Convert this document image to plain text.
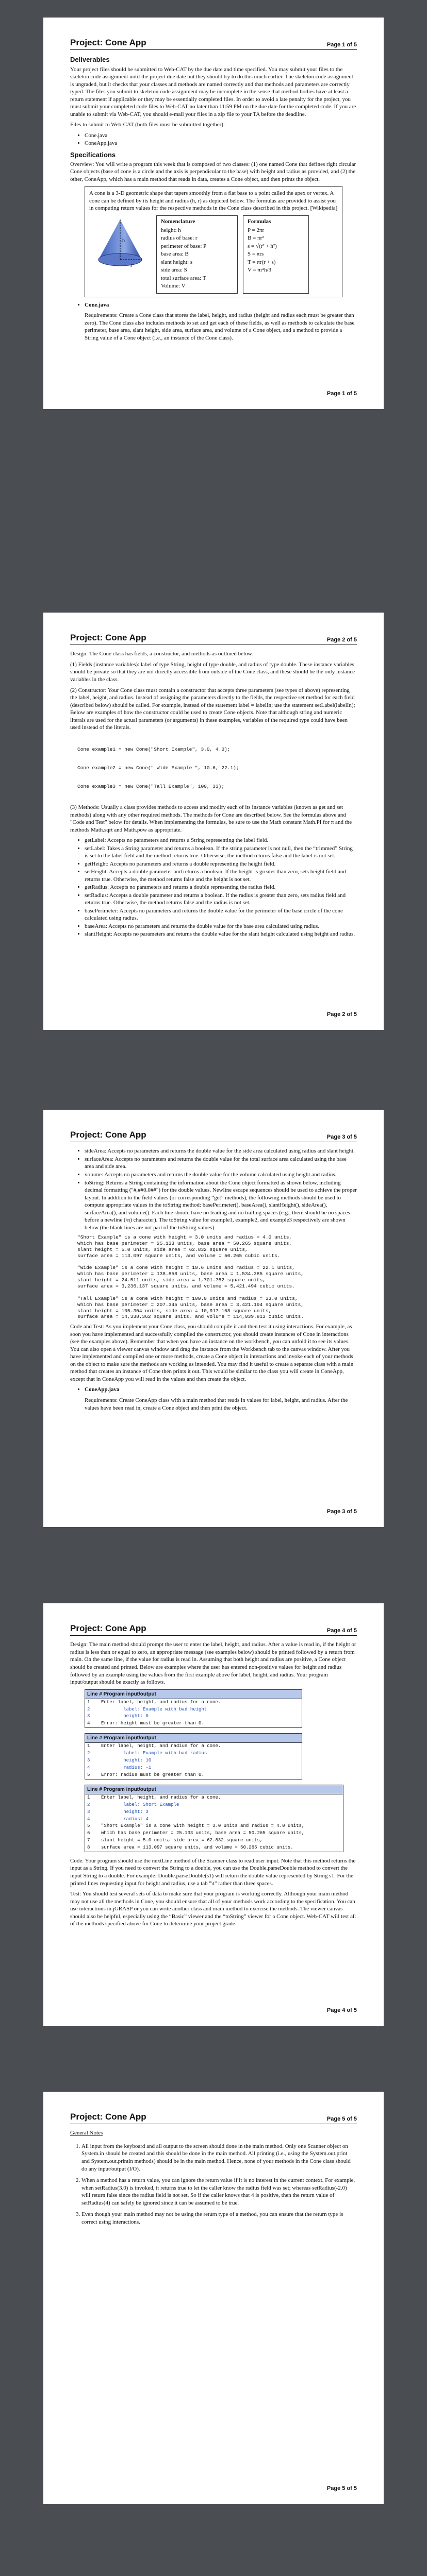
Project: Cone App	Page 1 of 5
Deliverables

Your project files should be submitted to Web-CAT by the due date and time specified. You may submit your files to the skeleton code assignment until the project due date but they should try to do this much earlier. The skeleton code assignment is ungraded, but it checks that your classes and methods are named correctly and that methods and parameters are correctly typed. The files you submit to skeleton code assignment may be incomplete in the sense that method bodies have at least a return statement if applicable or they may be essentially completed files. In order to avoid a late penalty for the project, you must submit your completed code files to Web-CAT no later than 11:59 PM on the due date for the completed code. If you are unable to submit via Web-CAT, you should e-mail your files in a zip file to your TA before the deadline.

Files to submit to Web-CAT (both files must be submitted together):

• Cone.java
• ConeApp.java
Specifications

Overview: You will write a program this week that is composed of two classes: (1) one named Cone that defines right circular Cone objects (base of cone is a circle and the axis is perpendicular to the base) with height and radius as provided, and (2) the other, ConeApp, which has a main method that reads in data, creates a Cone object, and then prints the object.

A cone is a 3-D geometric shape that tapers smoothly from a flat base to a point called the apex or vertex. A cone can be defined by its height and radius (h, r) as depicted below. The formulas are provided to assist you in computing return values for the respective methods in the Cone class described in this project. [Wikipedia]
h
r
Nomenclature
height: h
radius of base: r
perimeter of base: P
base area: B
slant height: s
side area: S
total surface area: T
Volume: V
Formulas
P = 2πr
B = πr²
s = √(r² + h²)
S = πrs
T = πr(r + s)
V = πr²h/3
• Cone.java

Requirements: Create a Cone class that stores the label, height, and radius (height and radius each must be greater than zero). The Cone class also includes methods to set and get each of these fields, as well as methods to calculate the base perimeter, base area, slant height, side area, surface area, and volume of a Cone object, and a method to provide a String value of a Cone object (i.e., an instance of the Cone class).

Page 1 of 5
Project: Cone App	Page 2 of 5

Design: The Cone class has fields, a constructor, and methods as outlined below.

(1) Fields (instance variables): label of type String, height of type double, and radius of type double. These instance variables should be private so that they are not directly accessible from outside of the Cone class, and these should be the only instance variables in the class.

(2) Constructor: Your Cone class must contain a constructor that accepts three parameters (see types of above) representing the label, height, and radius. Instead of assigning the parameters directly to the fields, the respective set method for each field (described below) should be called. For example, instead of the statement label = labelIn; use the statement setLabel(labelIn); Below are examples of how the constructor could be used to create Cone objects. Note that although string and numeric literals are used for the actual parameters (or arguments) in these examples, variables of the required type could have been used instead of the literals.

Cone example1 = new Cone("Short Example", 3.0, 4.0);

Cone example2 = new Cone(" Wide Example ", 10.6, 22.1);

Cone example3 = new Cone("Tall Example", 100, 33);

(3) Methods: Usually a class provides methods to access and modify each of its instance variables (known as get and set methods) along with any other required methods. The methods for Cone are described below. See the formulas above and "Code and Test" below for details. When implementing the formulas, be sure to use the Math constant Math.PI for π and the methods Math.sqrt and Math.pow as appropriate.

• getLabel: Accepts no parameters and returns a String representing the label field.
• setLabel: Takes a String parameter and returns a boolean. If the string parameter is not null, then the “trimmed” String is set to the label field and the method returns true. Otherwise, the method returns false and the label is not set.
• getHeight: Accepts no parameters and returns a double representing the height field.
• setHeight: Accepts a double parameter and returns a boolean. If the height is greater than zero, sets height field and returns true. Otherwise, the method returns false and the height is not set.
• getRadius: Accepts no parameters and returns a double representing the radius field.
• setRadius: Accepts a double parameter and returns a boolean. If the radius is greater than zero, sets radius field and returns true. Otherwise, the method returns false and the radius is not set.
• basePerimeter: Accepts no parameters and returns the double value for the perimeter of the base circle of the cone calculated using radius.
• baseArea: Accepts no parameters and returns the double value for the base area calculated using radius.
• slantHeight: Accepts no parameters and returns the double value for the slant height calculated using height and radius.
Page 2 of 5
Project: Cone App	Page 3 of 5
• sideArea: Accepts no parameters and returns the double value for the side area calculated using radius and slant height.
• surfaceArea: Accepts no parameters and returns the double value for the total surface area calculated using the base area and side area.
• volume: Accepts no parameters and returns the double value for the volume calculated using height and radius.
• toString: Returns a String containing the information about the Cone object formatted as shown below, including decimal formatting ("#,##0.0##") for the double values. Newline escape sequences should be used to achieve the proper layout. In addition to the field values (or corresponding “get” methods), the following methods should be used to compute appropriate values in the toString method: basePerimeter(), baseArea(), slantHeight(), sideArea(), surfaceArea(), and volume(). Each line should have no leading and no trailing spaces (e.g., there should be no spaces before a newline (\n) character). The toString value for example1, example2, and example3 respectively are shown below (the blank lines are not part of the toString values).
"Short Example" is a cone with height = 3.0 units and radius = 4.0 units,
which has base perimeter = 25.133 units, base area = 50.265 square units,
slant height = 5.0 units, side area = 62.832 square units,
surface area = 113.097 square units, and volume = 50.265 cubic units.

"Wide Example" is a cone with height = 10.6 units and radius = 22.1 units,
which has base perimeter = 138.858 units, base area = 1,534.385 square units,
slant height = 24.511 units, side area = 1,701.752 square units,
surface area = 3,236.137 square units, and volume = 5,421.494 cubic units.

"Tall Example" is a cone with height = 100.0 units and radius = 33.0 units,
which has base perimeter = 207.345 units, base area = 3,421.194 square units,
slant height = 105.304 units, side area = 10,917.168 square units,
surface area = 14,338.362 square units, and volume = 114,039.813 cubic units.

Code and Test: As you implement your Cone class, you should compile it and then test it using interactions. For example, as soon you have implemented and successfully compiled the constructor, you should create instances of Cone in interactions (see the examples above). Remember that when you have an instance on the workbench, you can unfold it to see its values. You can also open a viewer canvas window and drag the instance from the Workbench tab to the canvas window. After you have implemented and compiled one or more methods, create a Cone object in interactions and invoke each of your methods on the object to make sure the methods are working as intended. You may find it useful to create a separate class with a main method that creates an instance of Cone then prints it out. This would be similar to the class you will create in ConeApp, except that in ConeApp you will read in the values and then create the object.

• ConeApp.java

Requirements: Create ConeApp class with a main method that reads in values for label, height, and radius. After the values have been read in, create a Cone object and then print the object.

Page 3 of 5
Project: Cone App	Page 4 of 5

Design: The main method should prompt the user to enter the label, height, and radius. After a value is read in, if the height or radius is less than or equal to zero, an appropriate message (see examples below) should be printed followed by a return from main. On the same line, if the value for radius is read in. Assuming that both height and radius are positive, a Cone object should be created and printed. Below are examples where the user has entered non-positive values for height and radius followed by an example using the values from the first example above for label, height, and radius. Your program input/output should be exactly as follows.

Line # Program input/output
1 Enter label, height, and radius for a cone.
2            label: Example with bad height
3            height: 0
4 Error: height must be greater than 0.
Line # Program input/output
1 Enter label, height, and radius for a cone.
2            label: Example with bad radius
3            height: 10
4            radius: -1
5 Error: radius must be greater than 0.
Line # Program input/output
1 Enter label, height, and radius for a cone.
2            label: Short Example
3            height: 3
4            radius: 4
5 "Short Example" is a cone with height = 3.0 units and radius = 4.0 units,
6 which has base perimeter = 25.133 units, base area = 50.265 square units,
7 slant height = 5.0 units, side area = 62.832 square units,
8 surface area = 113.097 square units, and volume = 50.265 cubic units.

Code: Your program should use the nextLine method of the Scanner class to read user input. Note that this method returns the input as a String. If you need to convert the String to a double, you can use the Double.parseDouble method to convert the input String to a double. For example: Double.parseDouble(s1) will return the double value represented by String s1. For the printed lines requesting input for height and radius, use a tab "\t" rather than three spaces.

Test: You should test several sets of data to make sure that your program is working correctly. Although your main method may not use all the methods in Cone, you should ensure that all of your methods work according to the specification. You can use interactions in jGRASP or you can write another class and main method to exercise the methods. The viewer canvas should also be helpful, especially using the “Basic” viewer and the “toString” viewer for a Cone object. Web-CAT will test all of the methods specified above for Cone to determine your project grade.

Page 4 of 5
Project: Cone App	Page 5 of 5
General Notes
1. All input from the keyboard and all output to the screen should done in the main method. Only one Scanner object on System.in should be created and this should be done in the main method. All printing (i.e., using the System.out.print and System.out.println methods) should be in the main method. Hence, none of your methods in the Cone class should do any input/output (I/O).
2. When a method has a return value, you can ignore the return value if it is no interest in the current context. For example, when setRadius(3.0) is invoked, it returns true to let the caller know the radius field was set; whereas setRadius(-2.0) will return false since the radius field is not set. So if the caller knows that 4 is positive, then the return value of setRadius(4) can safely be ignored since it can be assumed to be true.
3. Even though your main method may not be using the return type of a method, you can ensure that the return type is correct using interactions.
Page 5 of 5
